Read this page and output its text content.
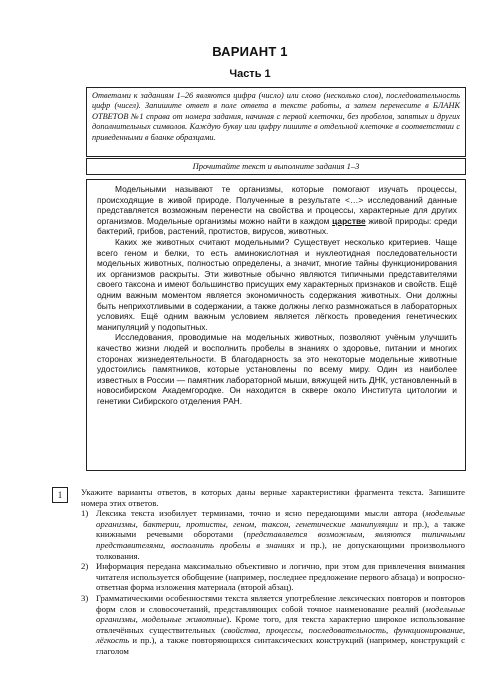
ВАРИАНТ 1
Часть 1
Ответами к заданиям 1–26 являются цифра (число) или слово (несколько слов), последовательность цифр (чисел). Запишите ответ в поле ответа в тексте работы, а затем перенесите в БЛАНК ОТВЕТОВ №1 справа от номера задания, начиная с первой клеточки, без пробелов, запятых и других дополнительных символов. Каждую букву или цифру пишите в отдельной клеточке в соответствии с приведенными в бланке образцами.
Прочитайте текст и выполните задания 1–3

Модельными называют те организмы, которые помогают изучать процессы, происходящие в живой природе. Полученные в результате <…> исследований данные представляется возможным перенести на свойства и процессы, характерные для других организмов. Модельные организмы можно найти в каждом царстве живой природы: среди бактерий, грибов, растений, протистов, вирусов, животных.

Каких же животных считают модельными? Существует несколько критериев. Чаще всего геном и белки, то есть аминокислотная и нуклеотидная последовательности модельных животных, полностью определены, а значит, многие тайны функционирования их организмов раскрыты. Эти животные обычно являются типичными представителями своего таксона и имеют большинство присущих ему характерных признаков и свойств. Ещё одним важным моментом является экономичность содержания животных. Они должны быть неприхотливыми в содержании, а также должны легко размножаться в лабораторных условиях. Ещё одним важным условием является лёгкость проведения генетических манипуляций у подопытных.

Исследования, проводимые на модельных животных, позволяют учёным улучшить качество жизни людей и восполнить пробелы в знаниях о здоровье, питании и многих сторонах жизнедеятельности. В благодарность за это некоторые модельные животные удостоились памятников, которые установлены по всему миру. Один из наиболее известных в России — памятник лабораторной мыши, вяжущей нить ДНК, установленный в новосибирском Академгородке. Он находится в сквере около Института цитологии и генетики Сибирского отделения РАН.

1	Укажите варианты ответов, в которых даны верные характеристики фрагмента текста. Запишите номера этих ответов.

1) Лексика текста изобилует терминами, точно и ясно передающими мысли автора (модельные организмы, бактерии, протисты, геном, таксон, генетические манипуляции и пр.), а также книжными речевыми оборотами (представляется возможным, являются типичными представителями, восполнить пробелы в знаниях и пр.), не допускающими произвольного толкования.
2) Информация передана максимально объективно и логично, при этом для привлечения внимания читателя используется обобщение (например, последнее предложение первого абзаца) и вопросно-ответная форма изложения материала (второй абзац).
3) Грамматическими особенностями текста является употребление лексических повторов и повторов форм слов и словосочетаний, представляющих собой точное наименование реалий (модельные организмы, модельные животные). Кроме того, для текста характерно широкое использование отвлечённых существительных (свойства, процессы, последовательность, функционирование, лёгкость и пр.), а также повторяющихся синтаксических конструкций (например, конструкций с глаголом
